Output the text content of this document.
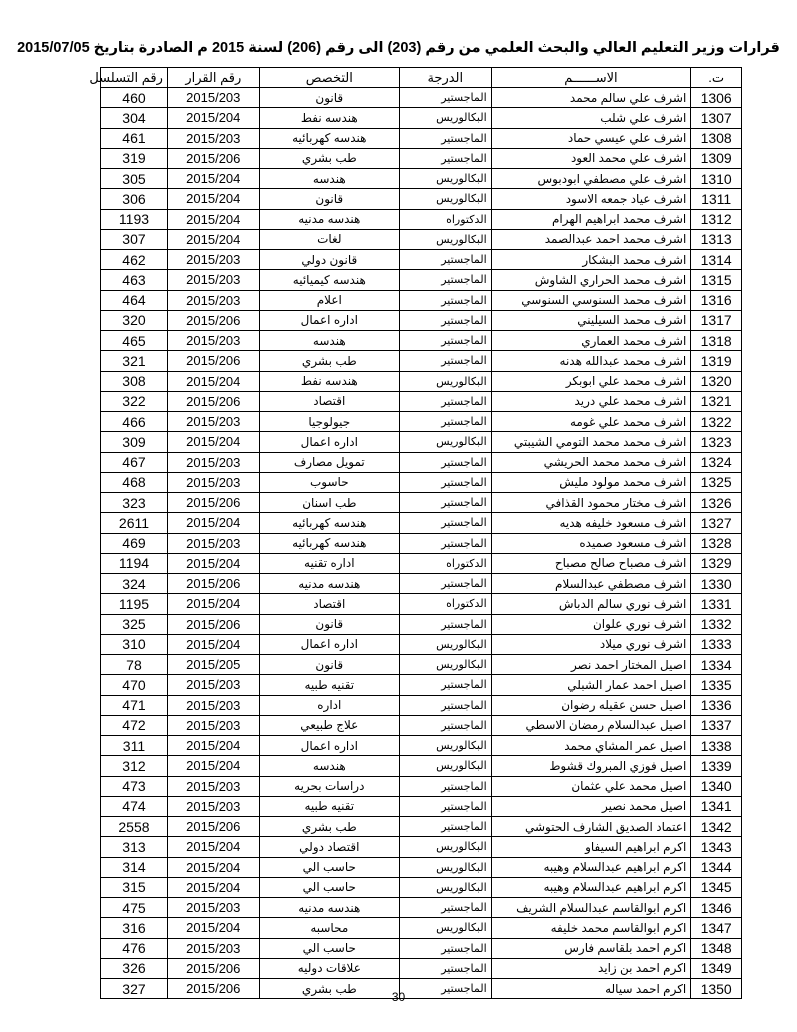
قرارات وزير التعليم العالي والبحث العلمي من رقم (203) الى رقم (206) لسنة 2015 م الصادرة بتاريخ 2015/07/05
ت.	الاســــــم	الدرجة	التخصص	رقم القرار	رقم التسلسل
1306	اشرف علي سالم محمد	الماجستير	قانون	2015/203	460
1307	اشرف علي شلب	البكالوريس	هندسه نفط	2015/204	304
1308	اشرف علي عيسي حماد	الماجستير	هندسه كهربائيه	2015/203	461
1309	اشرف علي محمد العود	الماجستير	طب بشري	2015/206	319
1310	اشرف علي مصطفي ابودبوس	البكالوريس	هندسه	2015/204	305
1311	اشرف عياد جمعه الاسود	البكالوريس	قانون	2015/204	306
1312	اشرف محمد ابراهيم الهرام	الدكتوراه	هندسه مدنيه	2015/204	1193
1313	اشرف محمد احمد عبدالصمد	البكالوريس	لغات	2015/204	307
1314	اشرف محمد البشكار	الماجستير	قانون دولي	2015/203	462
1315	اشرف محمد الحراري الشاوش	الماجستير	هندسه كيميائيه	2015/203	463
1316	اشرف محمد السنوسي السنوسي	الماجستير	اعلام	2015/203	464
1317	اشرف محمد السيليني	الماجستير	اداره اعمال	2015/206	320
1318	اشرف محمد العماري	الماجستير	هندسه	2015/203	465
1319	اشرف محمد عبدالله هدنه	الماجستير	طب بشري	2015/206	321
1320	اشرف محمد علي ابوبكر	البكالوريس	هندسه نفط	2015/204	308
1321	اشرف محمد علي دريد	الماجستير	اقتصاد	2015/206	322
1322	اشرف محمد علي غومه	الماجستير	جيولوجيا	2015/203	466
1323	اشرف محمد محمد التومي الشيبتي	البكالوريس	اداره اعمال	2015/204	309
1324	اشرف محمد محمد الحريشي	الماجستير	تمويل مصارف	2015/203	467
1325	اشرف محمد مولود مليش	الماجستير	حاسوب	2015/203	468
1326	اشرف مختار محمود القذافي	الماجستير	طب اسنان	2015/206	323
1327	اشرف مسعود خليفه هديه	الماجستير	هندسه كهربائيه	2015/204	2611
1328	اشرف مسعود صميده	الماجستير	هندسه كهربائيه	2015/203	469
1329	اشرف مصباح صالح مصباح	الدكتوراه	اداره تقنيه	2015/204	1194
1330	اشرف مصطفي عبدالسلام	الماجستير	هندسه مدنيه	2015/206	324
1331	اشرف نوري سالم الدباش	الدكتوراه	اقتصاد	2015/204	1195
1332	اشرف نوري علوان	الماجستير	قانون	2015/206	325
1333	اشرف نوري ميلاد	البكالوريس	اداره اعمال	2015/204	310
1334	اصيل المختار احمد نصر	البكالوريس	قانون	2015/205	78
1335	اصيل احمد عمار الشبلي	الماجستير	تقنيه طبيه	2015/203	470
1336	اصيل حسن عقيله رضوان	الماجستير	اداره	2015/203	471
1337	اصيل عبدالسلام رمضان الاسطي	الماجستير	علاج طبيعي	2015/203	472
1338	اصيل عمر المشاي محمد	البكالوريس	اداره اعمال	2015/204	311
1339	اصيل فوزي المبروك قشوط	البكالوريس	هندسه	2015/204	312
1340	اصيل محمد علي عثمان	الماجستير	دراسات بحريه	2015/203	473
1341	اصيل محمد نصير	الماجستير	تقنيه طبيه	2015/203	474
1342	اعتماد الصديق الشارف الحتوشي	الماجستير	طب بشري	2015/206	2558
1343	اكرم ابراهيم السيفاو	البكالوريس	اقتصاد دولي	2015/204	313
1344	اكرم ابراهيم عبدالسلام وهيبه	البكالوريس	حاسب الي	2015/204	314
1345	اكرم ابراهيم عبدالسلام وهيبه	البكالوريس	حاسب الي	2015/204	315
1346	اكرم ابوالقاسم عبدالسلام الشريف	الماجستير	هندسه مدنيه	2015/203	475
1347	اكرم ابوالقاسم محمد خليفه	البكالوريس	محاسبه	2015/204	316
1348	اكرم احمد بلقاسم فارس	الماجستير	حاسب الي	2015/203	476
1349	اكرم احمد بن زايد	الماجستير	علاقات دوليه	2015/206	326
1350	اكرم احمد سياله	الماجستير	طب بشري	2015/206	327
30
